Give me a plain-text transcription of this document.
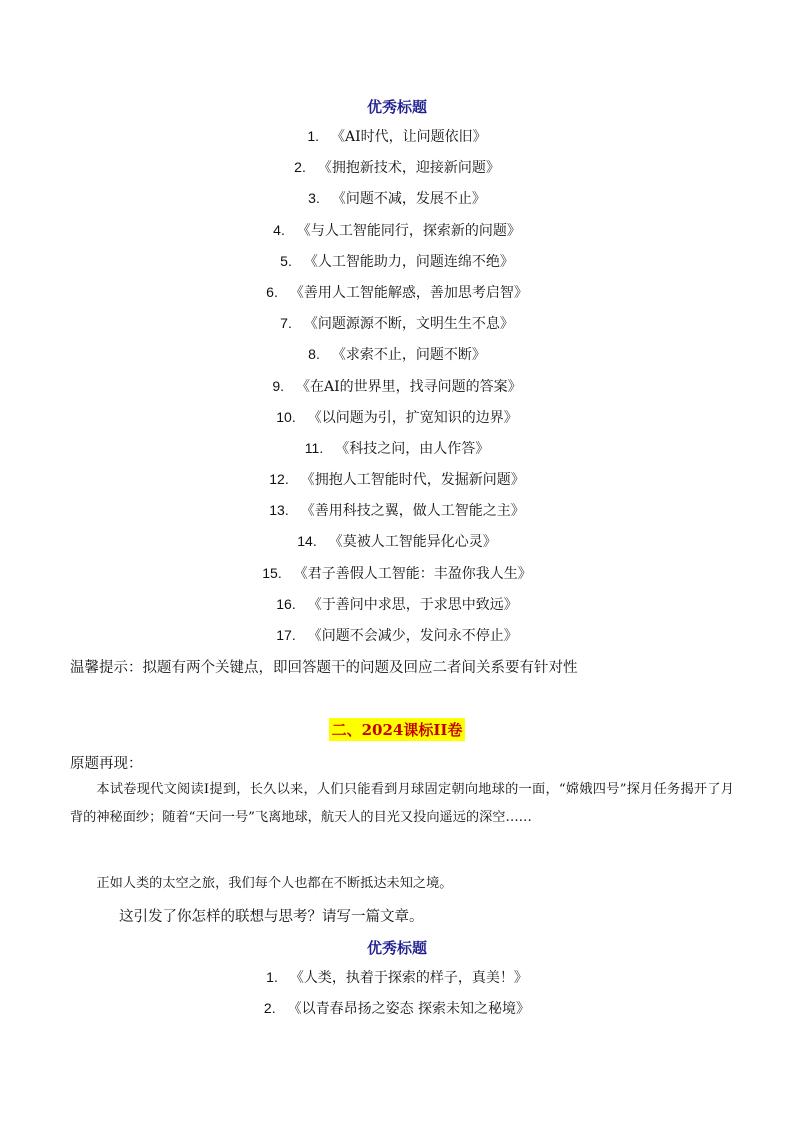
优秀标题
1. 《AI时代，让问题依旧》
2. 《拥抱新技术，迎接新问题》
3. 《问题不减，发展不止》
4. 《与人工智能同行，探索新的问题》
5. 《人工智能助力，问题连绵不绝》
6. 《善用人工智能解惑，善加思考启智》
7. 《问题源源不断，文明生生不息》
8. 《求索不止，问题不断》
9. 《在AI的世界里，找寻问题的答案》
10. 《以问题为引，扩宽知识的边界》
11. 《科技之问，由人作答》
12. 《拥抱人工智能时代，发掘新问题》
13. 《善用科技之翼，做人工智能之主》
14. 《莫被人工智能异化心灵》
15. 《君子善假人工智能：丰盈你我人生》
16. 《于善问中求思，于求思中致远》
17. 《问题不会减少，发问永不停止》
温馨提示：拟题有两个关键点，即回答题干的问题及回应二者间关系要有针对性
二、2024课标II卷
原题再现：
本试卷现代文阅读Ⅰ提到，长久以来，人们只能看到月球固定朝向地球的一面，“嫦娥四号”探月任务揭开了月背的神秘面纱；随着“天问一号”飞离地球，航天人的目光又投向遥远的深空……
正如人类的太空之旅，我们每个人也都在不断抵达未知之境。
这引发了你怎样的联想与思考？请写一篇文章。
优秀标题
1. 《人类，执着于探索的样子，真美！》
2. 《以青春昂扬之姿态 探索未知之秘境》
